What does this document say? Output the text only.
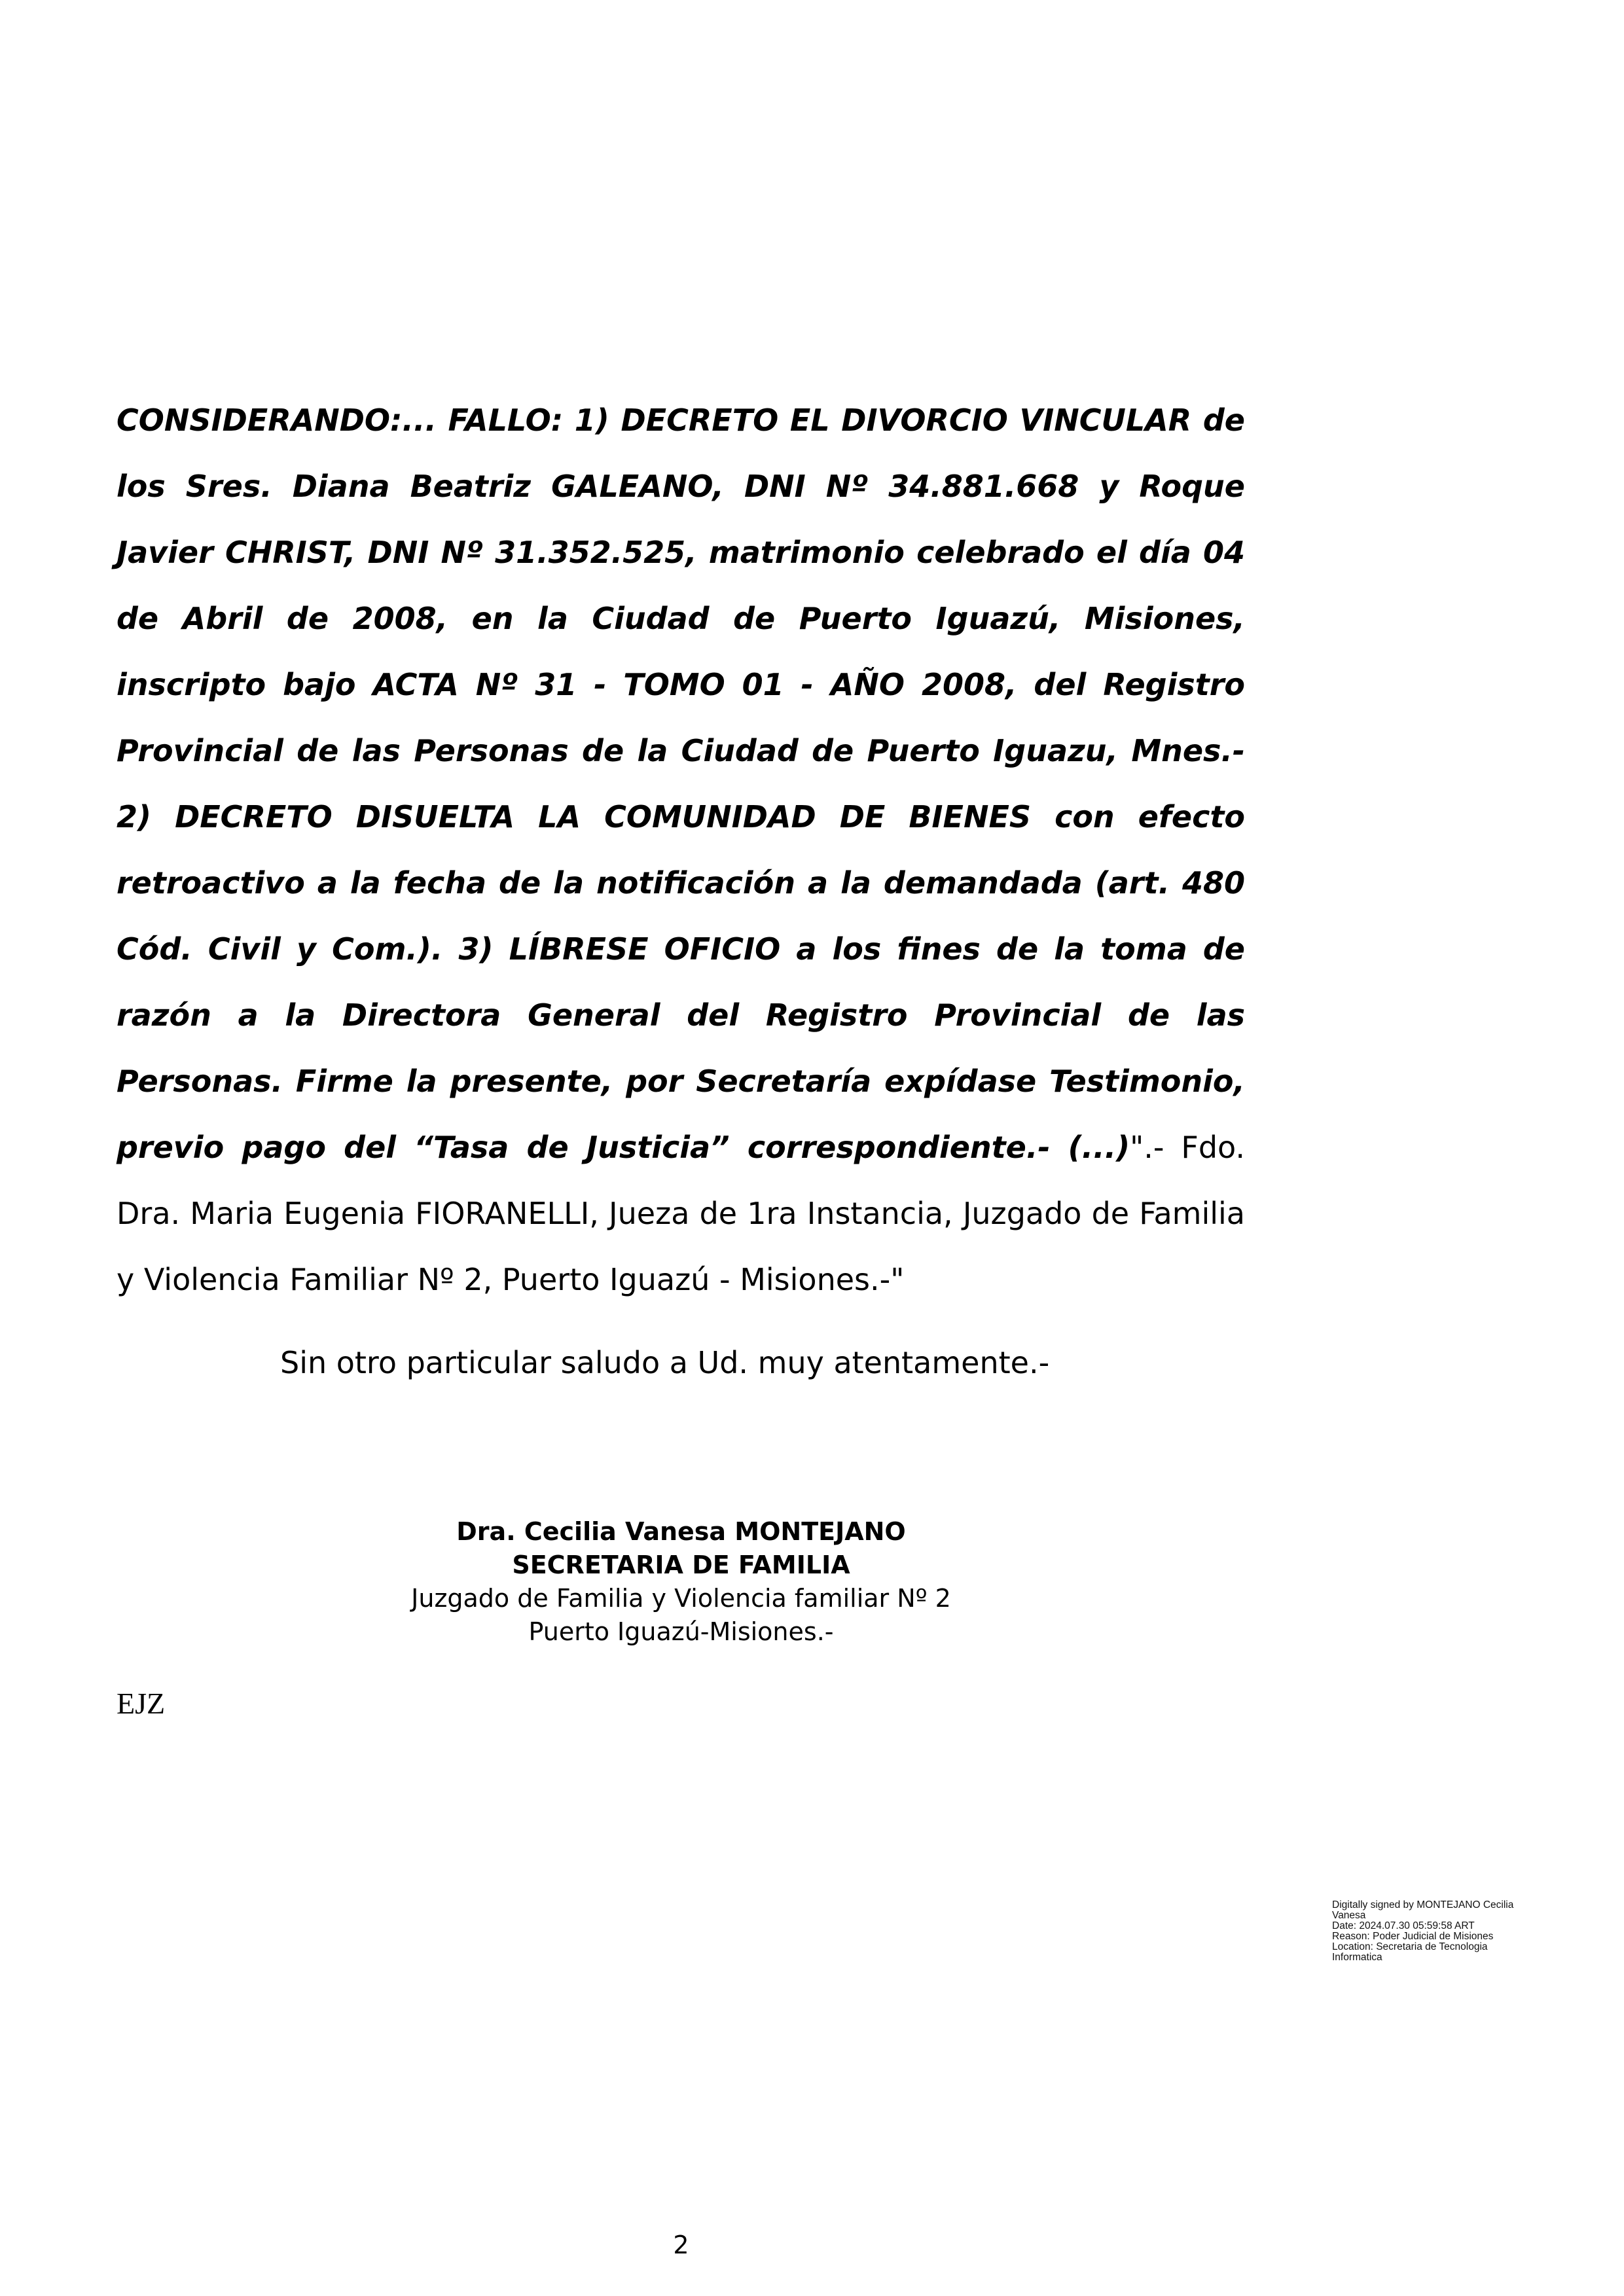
CONSIDERANDO:... FALLO: 1) DECRETO EL DIVORCIO VINCULAR de
los Sres. Diana Beatriz GALEANO, DNI Nº 34.881.668 y Roque
Javier CHRIST, DNI Nº 31.352.525, matrimonio celebrado el día 04
de Abril de 2008, en la Ciudad de Puerto Iguazú, Misiones,
inscripto bajo ACTA Nº 31 - TOMO 01 - AÑO 2008, del Registro
Provincial de las Personas de la Ciudad de Puerto Iguazu, Mnes.-
2) DECRETO DISUELTA LA COMUNIDAD DE BIENES con efecto
retroactivo a la fecha de la notificación a la demandada (art. 480
Cód. Civil y Com.). 3) LÍBRESE OFICIO a los fines de la toma de
razón a la Directora General del Registro Provincial de las
Personas. Firme la presente, por Secretaría expídase Testimonio,
previo pago del “Tasa de Justicia” correspondiente.- (...)".- Fdo.
Dra. Maria Eugenia FIORANELLI, Jueza de 1ra Instancia, Juzgado de Familia
y Violencia Familiar Nº 2, Puerto Iguazú - Misiones.-"
Sin otro particular saludo a Ud. muy atentamente.-
Dra. Cecilia Vanesa MONTEJANO
SECRETARIA DE FAMILIA
Juzgado de Familia y Violencia familiar Nº 2
Puerto Iguazú-Misiones.-
EJZ
Digitally signed by MONTEJANO Cecilia
Vanesa
Date: 2024.07.30 05:59:58 ART
Reason: Poder Judicial de Misiones
Location: Secretaria de Tecnologia
Informatica
2
